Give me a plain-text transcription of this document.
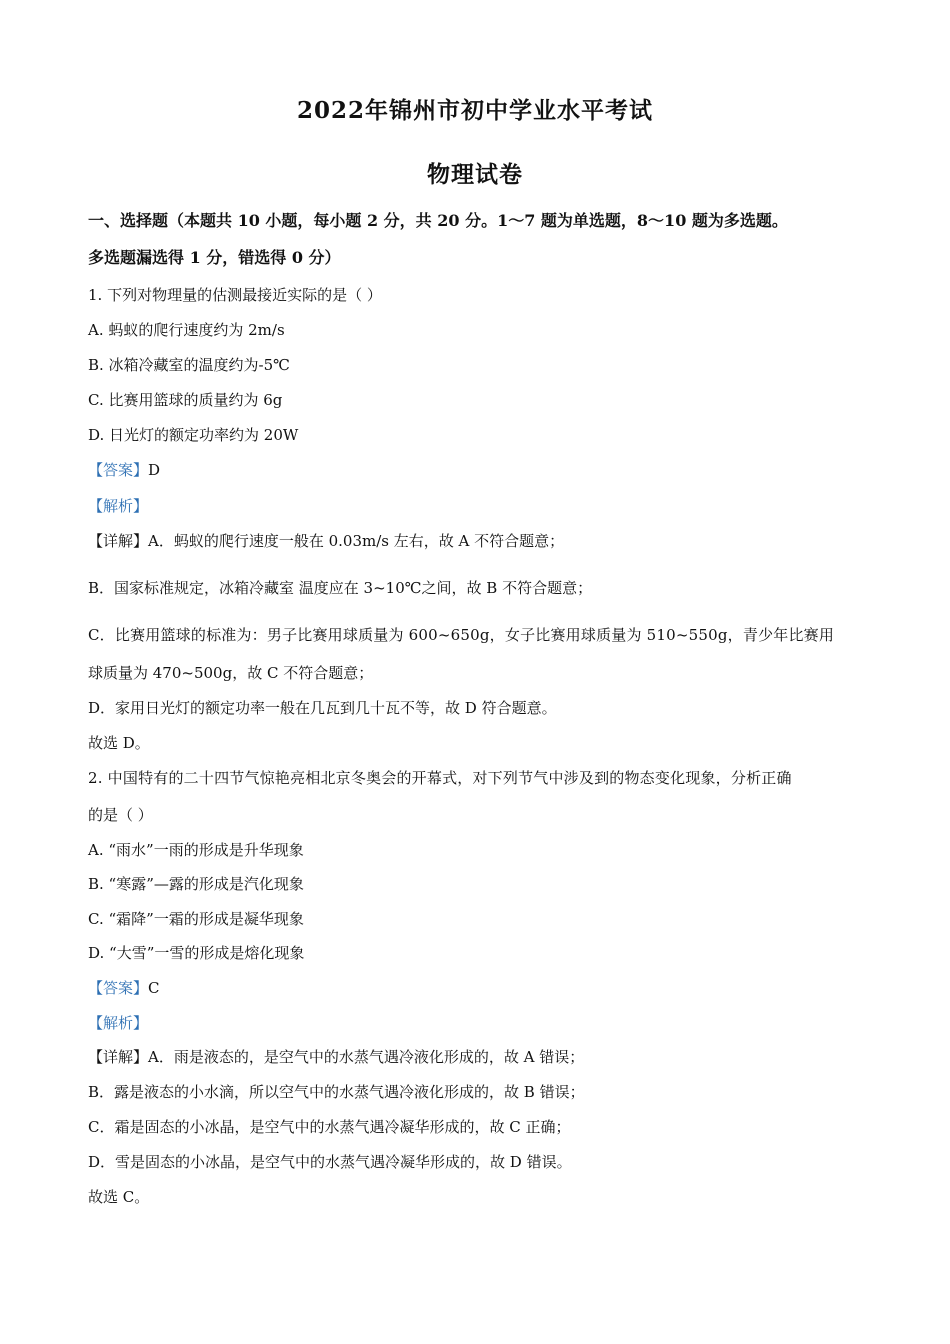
2022年锦州市初中学业水平考试
物理试卷
一、选择题（本题共 10 小题，每小题 2 分，共 20 分。1～7 题为单选题，8～10 题为多选题。
多选题漏选得 1 分，错选得 0 分）
1. 下列对物理量的估测最接近实际的是（ ）
A. 蚂蚁的爬行速度约为 2m/s
B. 冰箱冷藏室的温度约为-5℃
C. 比赛用篮球的质量约为 6g
D. 日光灯的额定功率约为 20W
【答案】D
【解析】
【详解】A．蚂蚁的爬行速度一般在 0.03m/s 左右，故 A 不符合题意；
B．国家标准规定，冰箱冷藏室 温度应在 3~10℃之间，故 B 不符合题意；
C．比赛用篮球的标准为：男子比赛用球质量为 600~650g，女子比赛用球质量为 510~550g，青少年比赛用
球质量为 470~500g，故 C 不符合题意；
D．家用日光灯的额定功率一般在几瓦到几十瓦不等，故 D 符合题意。
故选 D。
2. 中国特有的二十四节气惊艳亮相北京冬奥会的开幕式，对下列节气中涉及到的物态变化现象，分析正确
的是（ ）
A. “雨水”一雨的形成是升华现象
B. “寒露”—露的形成是汽化现象
C. “霜降”一霜的形成是凝华现象
D. “大雪”一雪的形成是熔化现象
【答案】C
【解析】
【详解】A．雨是液态的，是空气中的水蒸气遇冷液化形成的，故 A 错误；
B．露是液态的小水滴，所以空气中的水蒸气遇冷液化形成的，故 B 错误；
C．霜是固态的小冰晶，是空气中的水蒸气遇冷凝华形成的，故 C 正确；
D．雪是固态的小冰晶，是空气中的水蒸气遇冷凝华形成的，故 D 错误。
故选 C。
